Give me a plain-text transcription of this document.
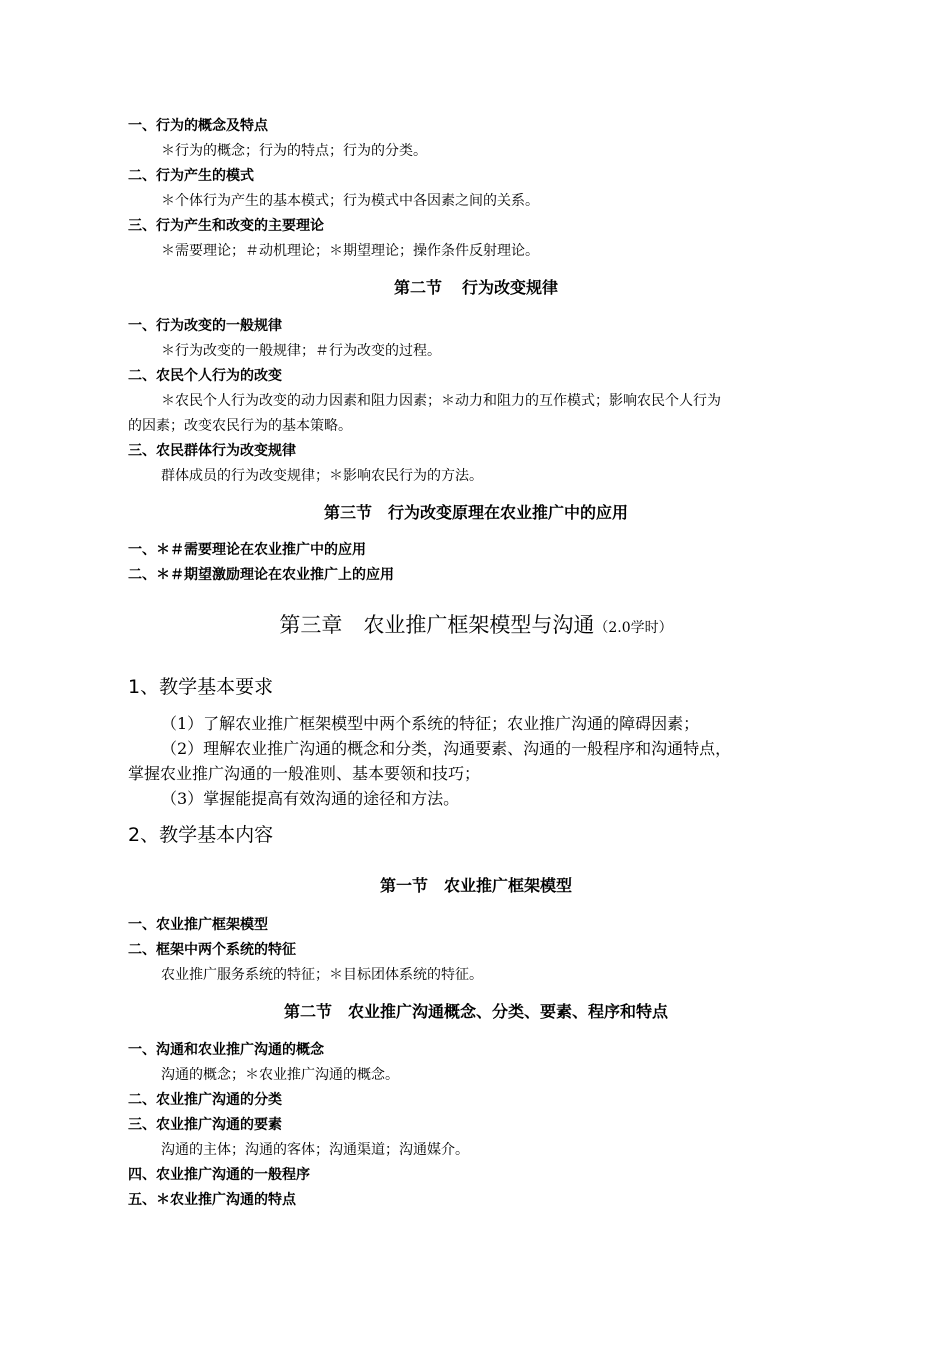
一、行为的概念及特点
＊行为的概念；行为的特点；行为的分类。
二、行为产生的模式
＊个体行为产生的基本模式；行为模式中各因素之间的关系。
三、行为产生和改变的主要理论
＊需要理论；＃动机理论；＊期望理论；操作条件反射理论。
第二节 行为改变规律
一、行为改变的一般规律
＊行为改变的一般规律；＃行为改变的过程。
二、农民个人行为的改变
＊农民个人行为改变的动力因素和阻力因素；＊动力和阻力的互作模式；影响农民个人行为
的因素；改变农民行为的基本策略。
三、农民群体行为改变规律
群体成员的行为改变规律；＊影响农民行为的方法。
第三节　行为改变原理在农业推广中的应用
一、＊＃需要理论在农业推广中的应用
二、＊＃期望激励理论在农业推广上的应用
第三章　农业推广框架模型与沟通（2.0学时）
1、教学基本要求
（1）了解农业推广框架模型中两个系统的特征；农业推广沟通的障碍因素；
（2）理解农业推广沟通的概念和分类，沟通要素、沟通的一般程序和沟通特点，
掌握农业推广沟通的一般准则、基本要领和技巧；
（3）掌握能提高有效沟通的途径和方法。
2、教学基本内容
第一节　农业推广框架模型
一、农业推广框架模型
二、框架中两个系统的特征
农业推广服务系统的特征；＊目标团体系统的特征。
第二节　农业推广沟通概念、分类、要素、程序和特点
一、沟通和农业推广沟通的概念
沟通的概念；＊农业推广沟通的概念。
二、农业推广沟通的分类
三、农业推广沟通的要素
沟通的主体；沟通的客体；沟通渠道；沟通媒介。
四、农业推广沟通的一般程序
五、＊农业推广沟通的特点
